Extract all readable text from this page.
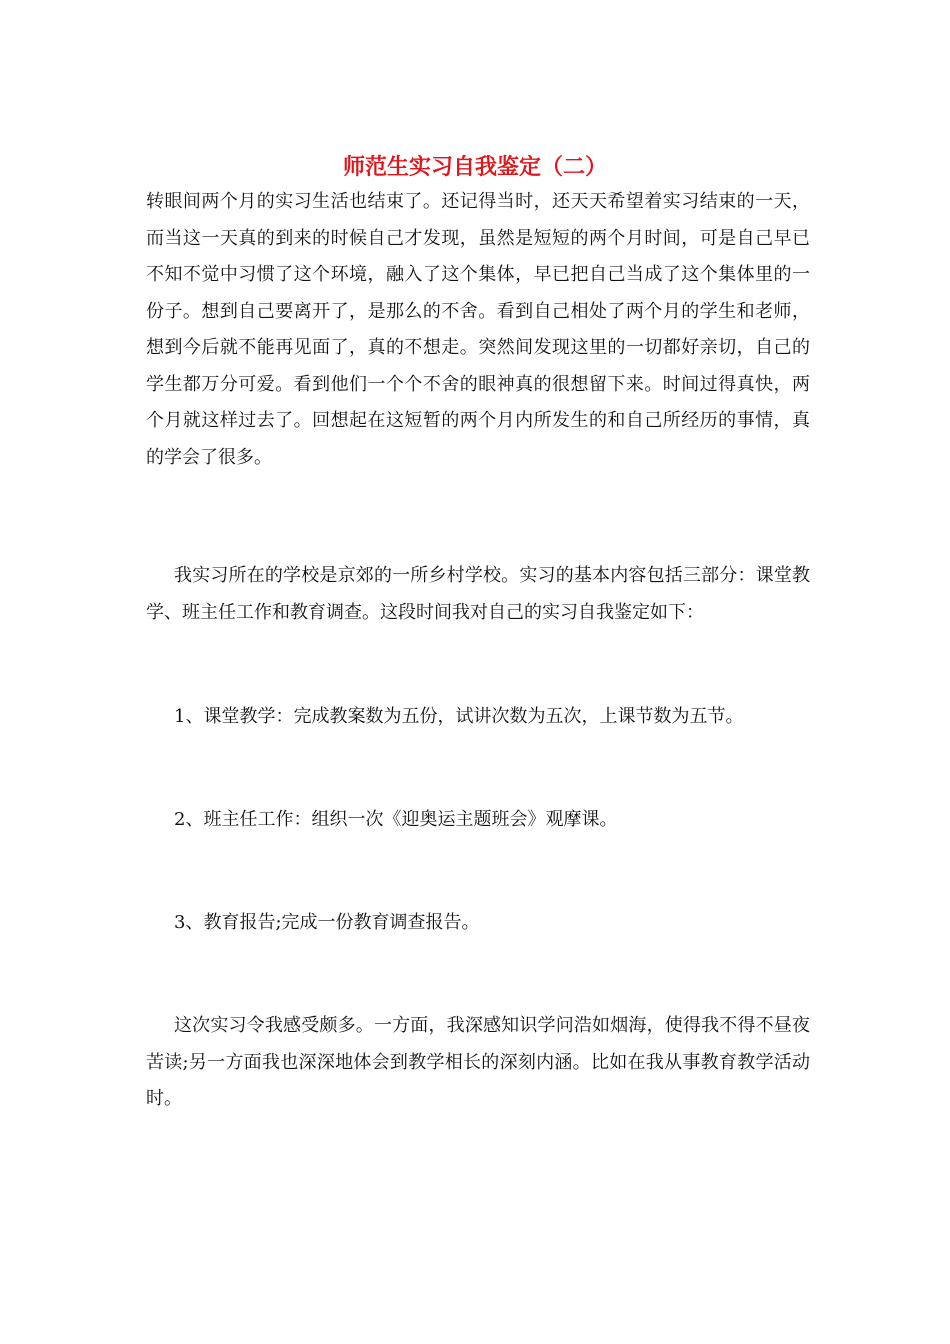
师范生实习自我鉴定（二）

转眼间两个月的实习生活也结束了。还记得当时，还天天希望着实习结束的一天，而当这一天真的到来的时候自己才发现，虽然是短短的两个月时间，可是自己早已不知不觉中习惯了这个环境，融入了这个集体，早已把自己当成了这个集体里的一份子。想到自己要离开了，是那么的不舍。看到自己相处了两个月的学生和老师，想到今后就不能再见面了，真的不想走。突然间发现这里的一切都好亲切，自己的学生都万分可爱。看到他们一个个不舍的眼神真的很想留下来。时间过得真快，两个月就这样过去了。回想起在这短暂的两个月内所发生的和自己所经历的事情，真的学会了很多。

我实习所在的学校是京郊的一所乡村学校。实习的基本内容包括三部分：课堂教学、班主任工作和教育调查。这段时间我对自己的实习自我鉴定如下：

1、课堂教学：完成教案数为五份，试讲次数为五次，上课节数为五节。

2、班主任工作：组织一次《迎奥运主题班会》观摩课。

3、教育报告;完成一份教育调查报告。

这次实习令我感受颇多。一方面，我深感知识学问浩如烟海，使得我不得不昼夜苦读;另一方面我也深深地体会到教学相长的深刻内涵。比如在我从事教育教学活动时。
